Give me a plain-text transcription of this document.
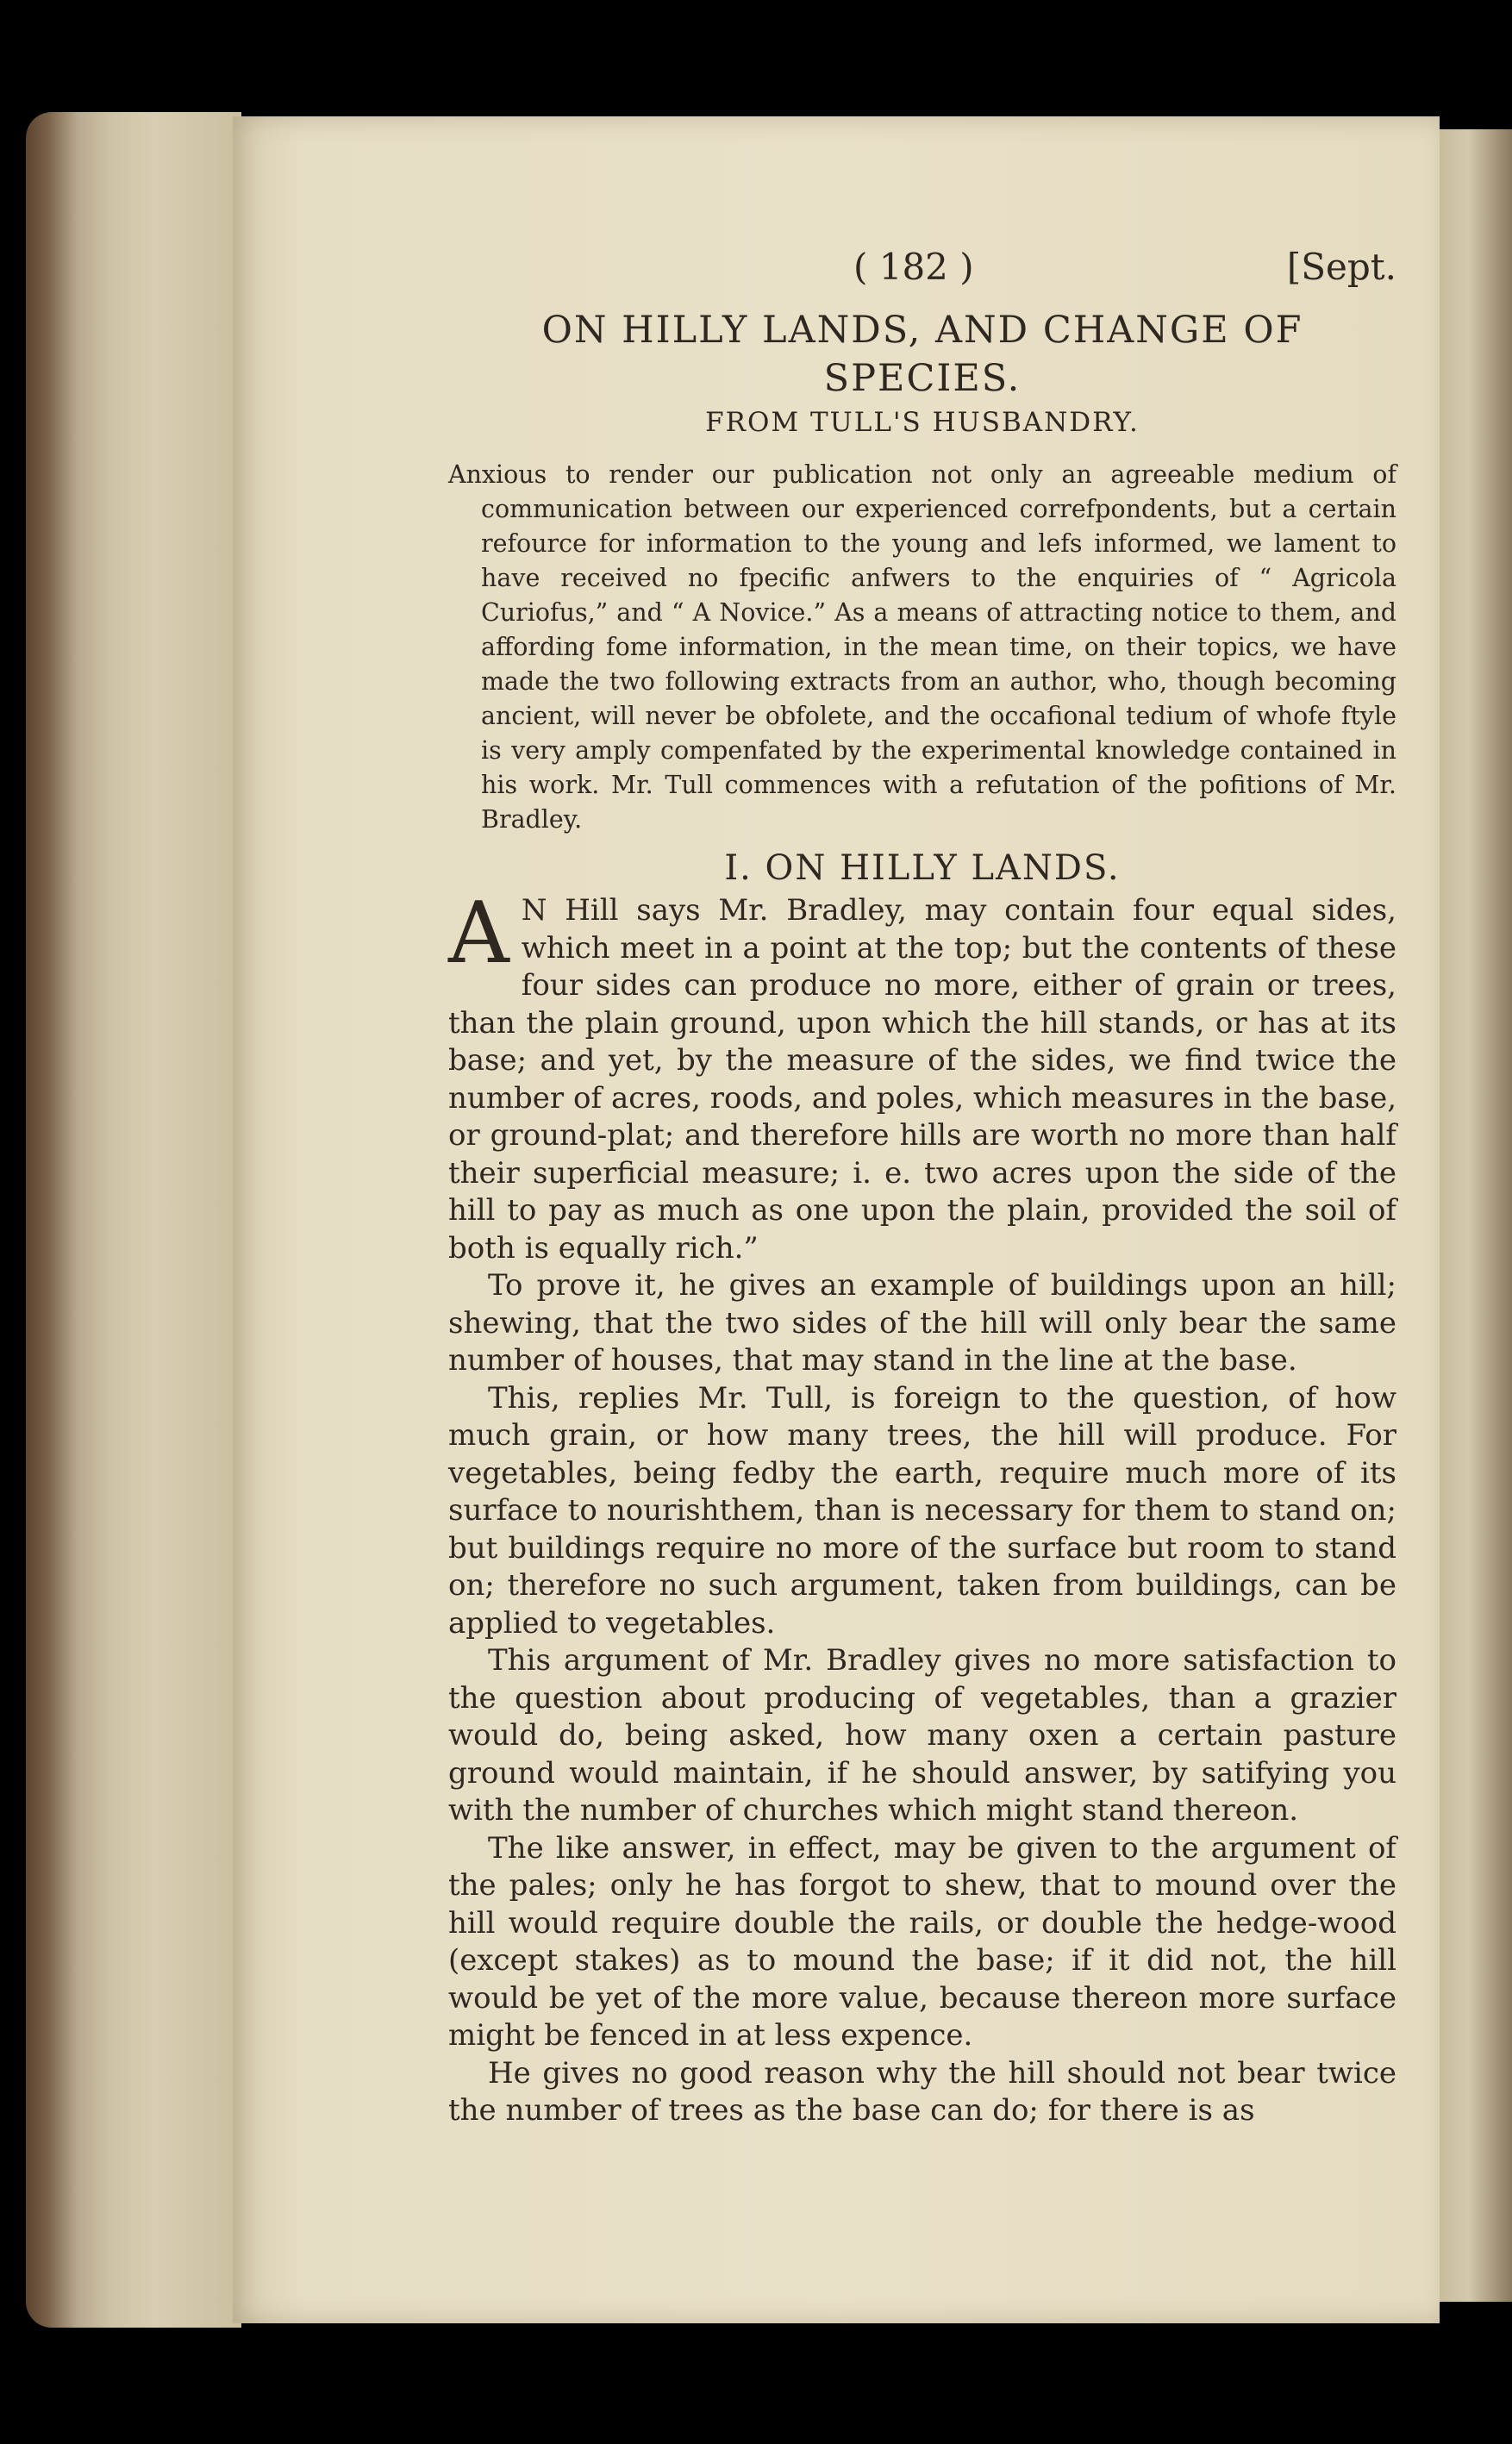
( 182 )	[Sept.
ON HILLY LANDS, AND CHANGE OF SPECIES.
FROM TULL'S HUSBANDRY.

Anxious to render our publication not only an agreeable medium of communication between our experienced correfpondents, but a certain refource for information to the young and lefs informed, we lament to have received no fpecific anfwers to the enquiries of “ Agricola Curiofus,” and “ A Novice.” As a means of attracting notice to them, and affording fome information, in the mean time, on their topics, we have made the two following extracts from an author, who, though becoming ancient, will never be obfolete, and the occafional tedium of whofe ftyle is very amply compenfated by the experimental knowledge contained in his work. Mr. Tull commences with a refutation of the pofitions of Mr. Bradley.

I. ON HILLY LANDS.

A N Hill says Mr. Bradley, may contain four equal sides, which meet in a point at the top; but the contents of these four sides can produce no more, either of grain or trees, than the plain ground, upon which the hill stands, or has at its base; and yet, by the measure of the sides, we find twice the number of acres, roods, and poles, which measures in the base, or ground-plat; and therefore hills are worth no more than half their superficial measure; i. e. two acres upon the side of the hill to pay as much as one upon the plain, provided the soil of both is equally rich.”

To prove it, he gives an example of buildings upon an hill; shewing, that the two sides of the hill will only bear the same number of houses, that may stand in the line at the base.

This, replies Mr. Tull, is foreign to the question, of how much grain, or how many trees, the hill will produce. For vegetables, being fedby the earth, require much more of its surface to nourishthem, than is necessary for them to stand on; but buildings require no more of the surface but room to stand on; therefore no such argument, taken from buildings, can be applied to vegetables.

This argument of Mr. Bradley gives no more satisfaction to the question about producing of vegetables, than a grazier would do, being asked, how many oxen a certain pasture ground would maintain, if he should answer, by satifying you with the number of churches which might stand thereon.

The like answer, in effect, may be given to the argument of the pales; only he has forgot to shew, that to mound over the hill would require double the rails, or double the hedge-wood (except stakes) as to mound the base; if it did not, the hill would be yet of the more value, because thereon more surface might be fenced in at less expence.

He gives no good reason why the hill should not bear twice the number of trees as the base can do; for there is as
